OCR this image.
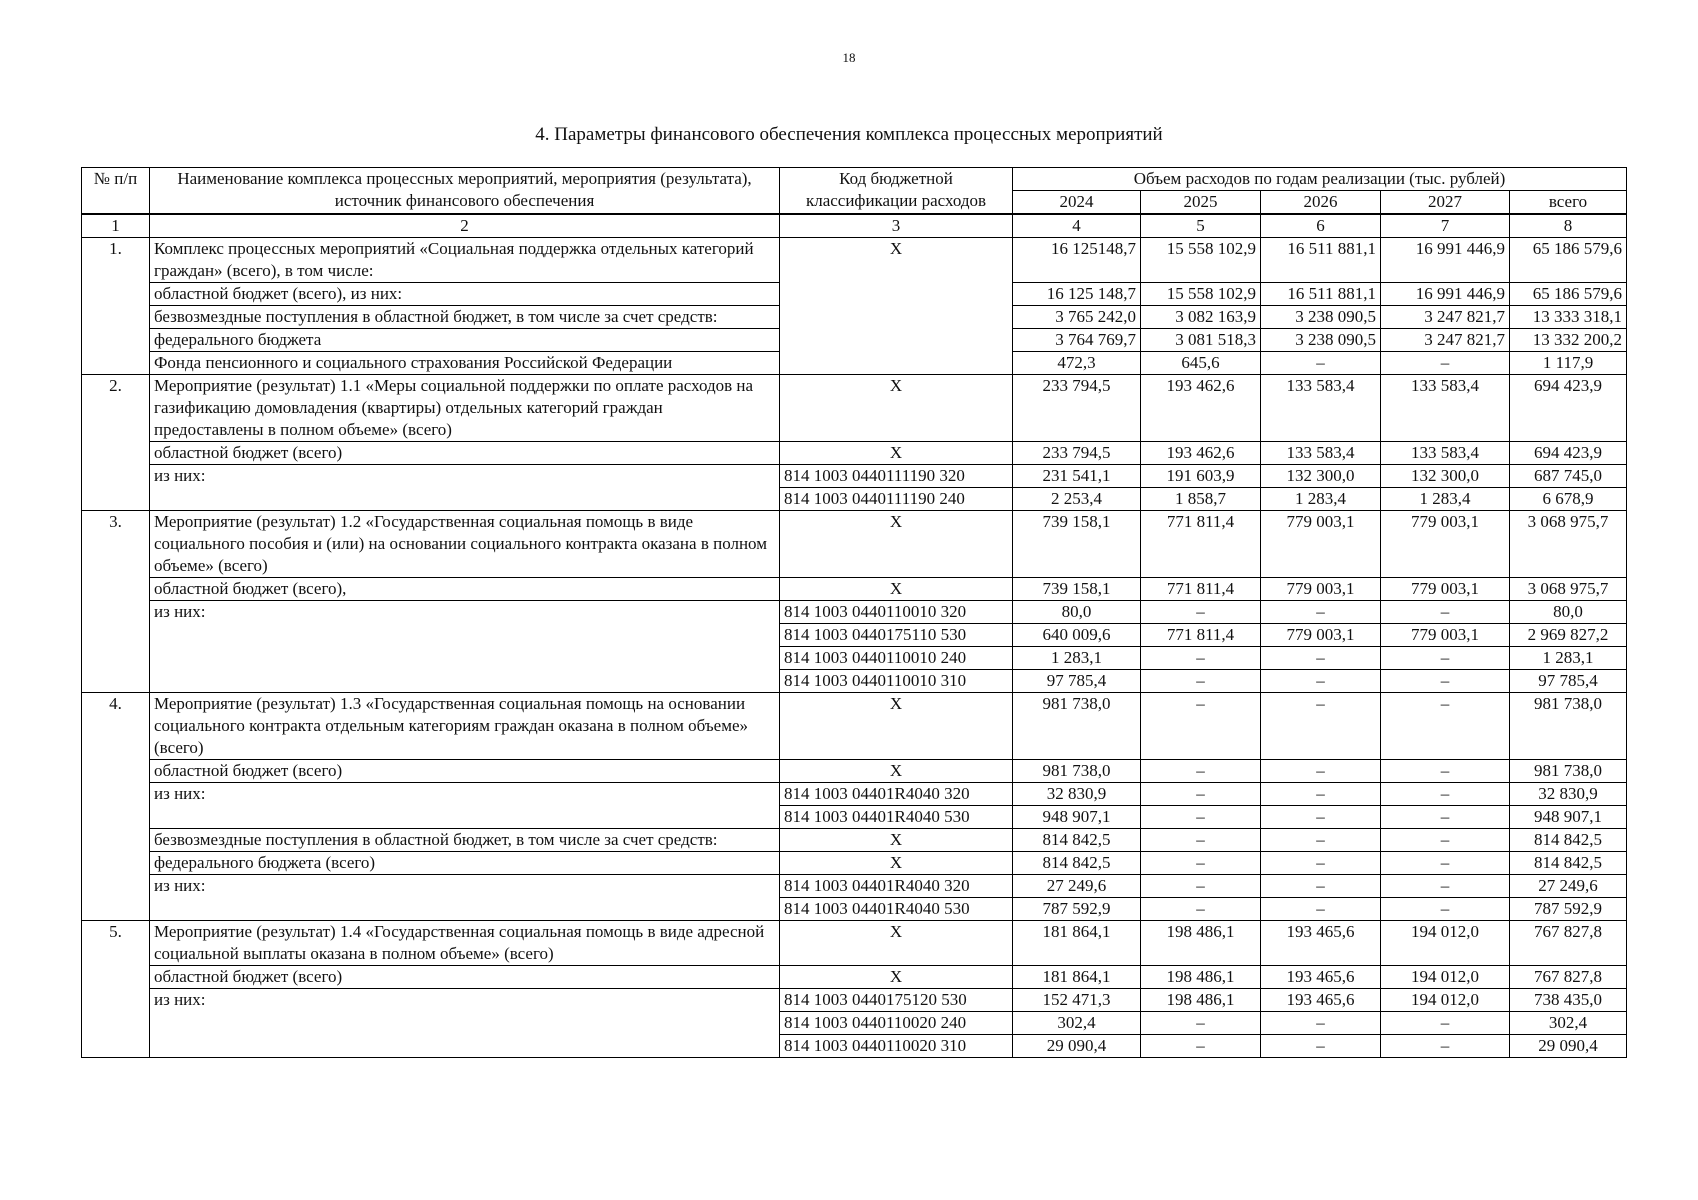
18
4. Параметры финансового обеспечения комплекса процессных мероприятий
№ п/п	Наименование комплекса процессных мероприятий, мероприятия (результата), источник финансового обеспечения	Код бюджетной классификации расходов	Объем расходов по годам реализации (тыс. рублей)				
			2024	2025	2026	2027	всего
1	2	3	4	5	6	7	8
1.	Комплекс процессных мероприятий «Социальная поддержка отдельных категорий граждан» (всего), в том числе:	Х	16 125148,7	15 558 102,9	16 511 881,1	16 991 446,9	65 186 579,6
	областной бюджет (всего), из них:		16 125 148,7	15 558 102,9	16 511 881,1	16 991 446,9	65 186 579,6
	безвозмездные поступления в областной бюджет, в том числе за счет средств:		3 765 242,0	3 082 163,9	3 238 090,5	3 247 821,7	13 333 318,1
	федерального бюджета		3 764 769,7	3 081 518,3	3 238 090,5	3 247 821,7	13 332 200,2
	Фонда пенсионного и социального страхования Российской Федерации		472,3	645,6	–	–	1 117,9
2.	Мероприятие (результат) 1.1 «Меры социальной поддержки по оплате расходов на газификацию домовладения (квартиры) отдельных категорий граждан предоставлены в полном объеме» (всего)	Х	233 794,5	193 462,6	133 583,4	133 583,4	694 423,9
	областной бюджет (всего)	Х	233 794,5	193 462,6	133 583,4	133 583,4	694 423,9
	из них:	814 1003 0440111190 320	231 541,1	191 603,9	132 300,0	132 300,0	687 745,0
		814 1003 0440111190 240	2 253,4	1 858,7	1 283,4	1 283,4	6 678,9
3.	Мероприятие (результат) 1.2 «Государственная социальная помощь в виде социального пособия и (или) на основании социального контракта оказана в полном объеме» (всего)	Х	739 158,1	771 811,4	779 003,1	779 003,1	3 068 975,7
	областной бюджет (всего),	Х	739 158,1	771 811,4	779 003,1	779 003,1	3 068 975,7
	из них:	814 1003 0440110010 320	80,0	–	–	–	80,0
		814 1003 0440175110 530	640 009,6	771 811,4	779 003,1	779 003,1	2 969 827,2
		814 1003 0440110010 240	1 283,1	–	–	–	1 283,1
		814 1003 0440110010 310	97 785,4	–	–	–	97 785,4
4.	Мероприятие (результат) 1.3 «Государственная социальная помощь на основании социального контракта отдельным категориям граждан оказана в полном объеме» (всего)	Х	981 738,0	–	–	–	981 738,0
	областной бюджет (всего)	Х	981 738,0	–	–	–	981 738,0
	из них:	814 1003 04401R4040 320	32 830,9	–	–	–	32 830,9
		814 1003 04401R4040 530	948 907,1	–	–	–	948 907,1
	безвозмездные поступления в областной бюджет, в том числе за счет средств:	Х	814 842,5	–	–	–	814 842,5
	федерального бюджета (всего)	Х	814 842,5	–	–	–	814 842,5
	из них:	814 1003 04401R4040 320	27 249,6	–	–	–	27 249,6
		814 1003 04401R4040 530	787 592,9	–	–	–	787 592,9
5.	Мероприятие (результат) 1.4 «Государственная социальная помощь в виде адресной социальной выплаты оказана в полном объеме» (всего)	Х	181 864,1	198 486,1	193 465,6	194 012,0	767 827,8
	областной бюджет (всего)	Х	181 864,1	198 486,1	193 465,6	194 012,0	767 827,8
	из них:	814 1003 0440175120 530	152 471,3	198 486,1	193 465,6	194 012,0	738 435,0
		814 1003 0440110020 240	302,4	–	–	–	302,4
		814 1003 0440110020 310	29 090,4	–	–	–	29 090,4
